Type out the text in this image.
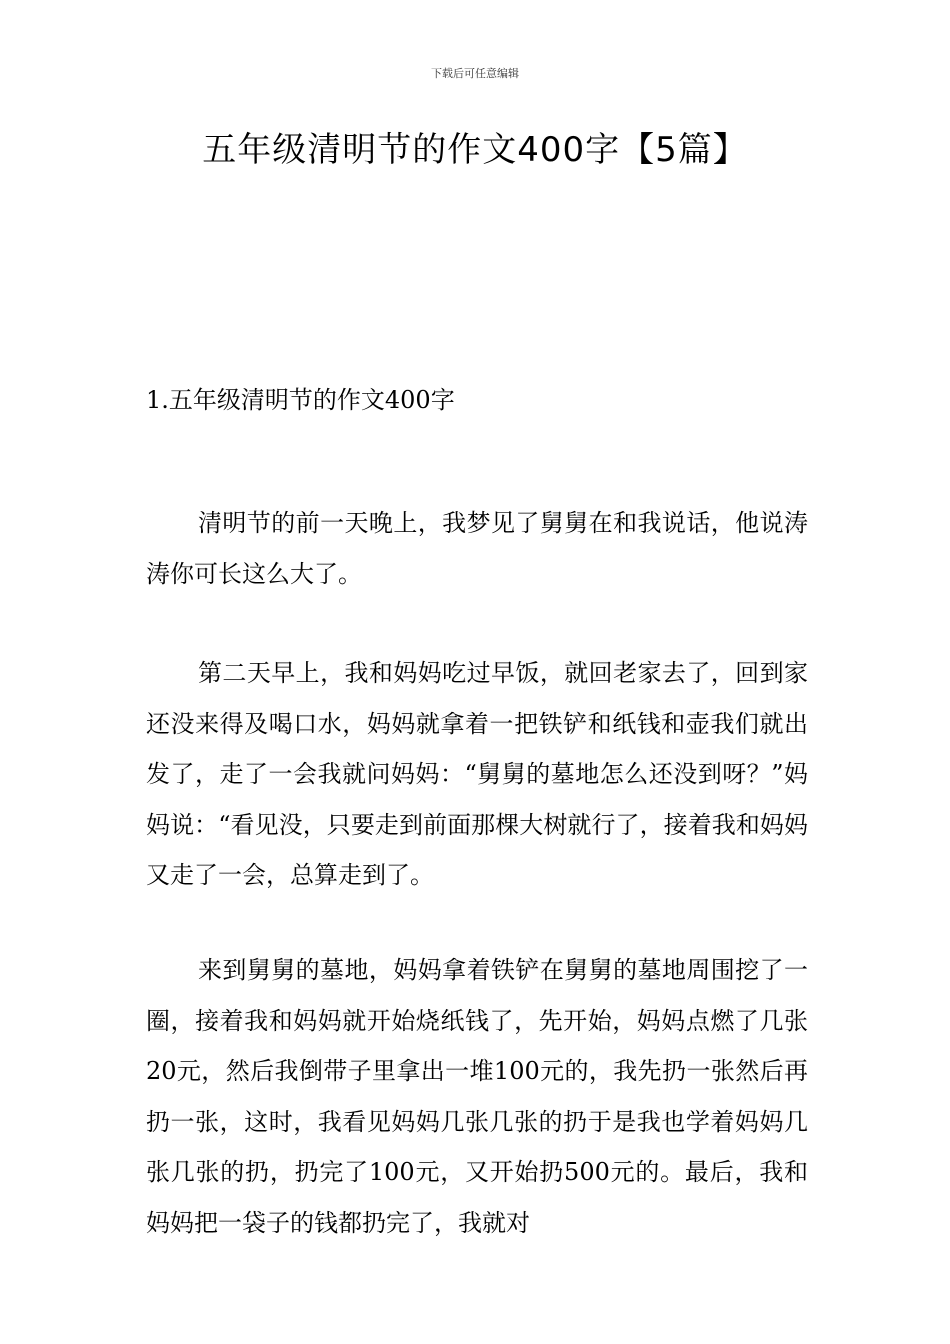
下载后可任意编辑
五年级清明节的作文400字【5篇】
1.五年级清明节的作文400字

清明节的前一天晚上，我梦见了舅舅在和我说话，他说涛涛你可长这么大了。

第二天早上，我和妈妈吃过早饭，就回老家去了，回到家还没来得及喝口水，妈妈就拿着一把铁铲和纸钱和壶我们就出发了，走了一会我就问妈妈：“舅舅的墓地怎么还没到呀？”妈妈说：“看见没，只要走到前面那棵大树就行了，接着我和妈妈又走了一会，总算走到了。

来到舅舅的墓地，妈妈拿着铁铲在舅舅的墓地周围挖了一圈，接着我和妈妈就开始烧纸钱了，先开始，妈妈点燃了几张20元，然后我倒带子里拿出一堆100元的，我先扔一张然后再扔一张，这时，我看见妈妈几张几张的扔于是我也学着妈妈几张几张的扔，扔完了100元，又开始扔500元的。最后，我和妈妈把一袋子的钱都扔完了，我就对
